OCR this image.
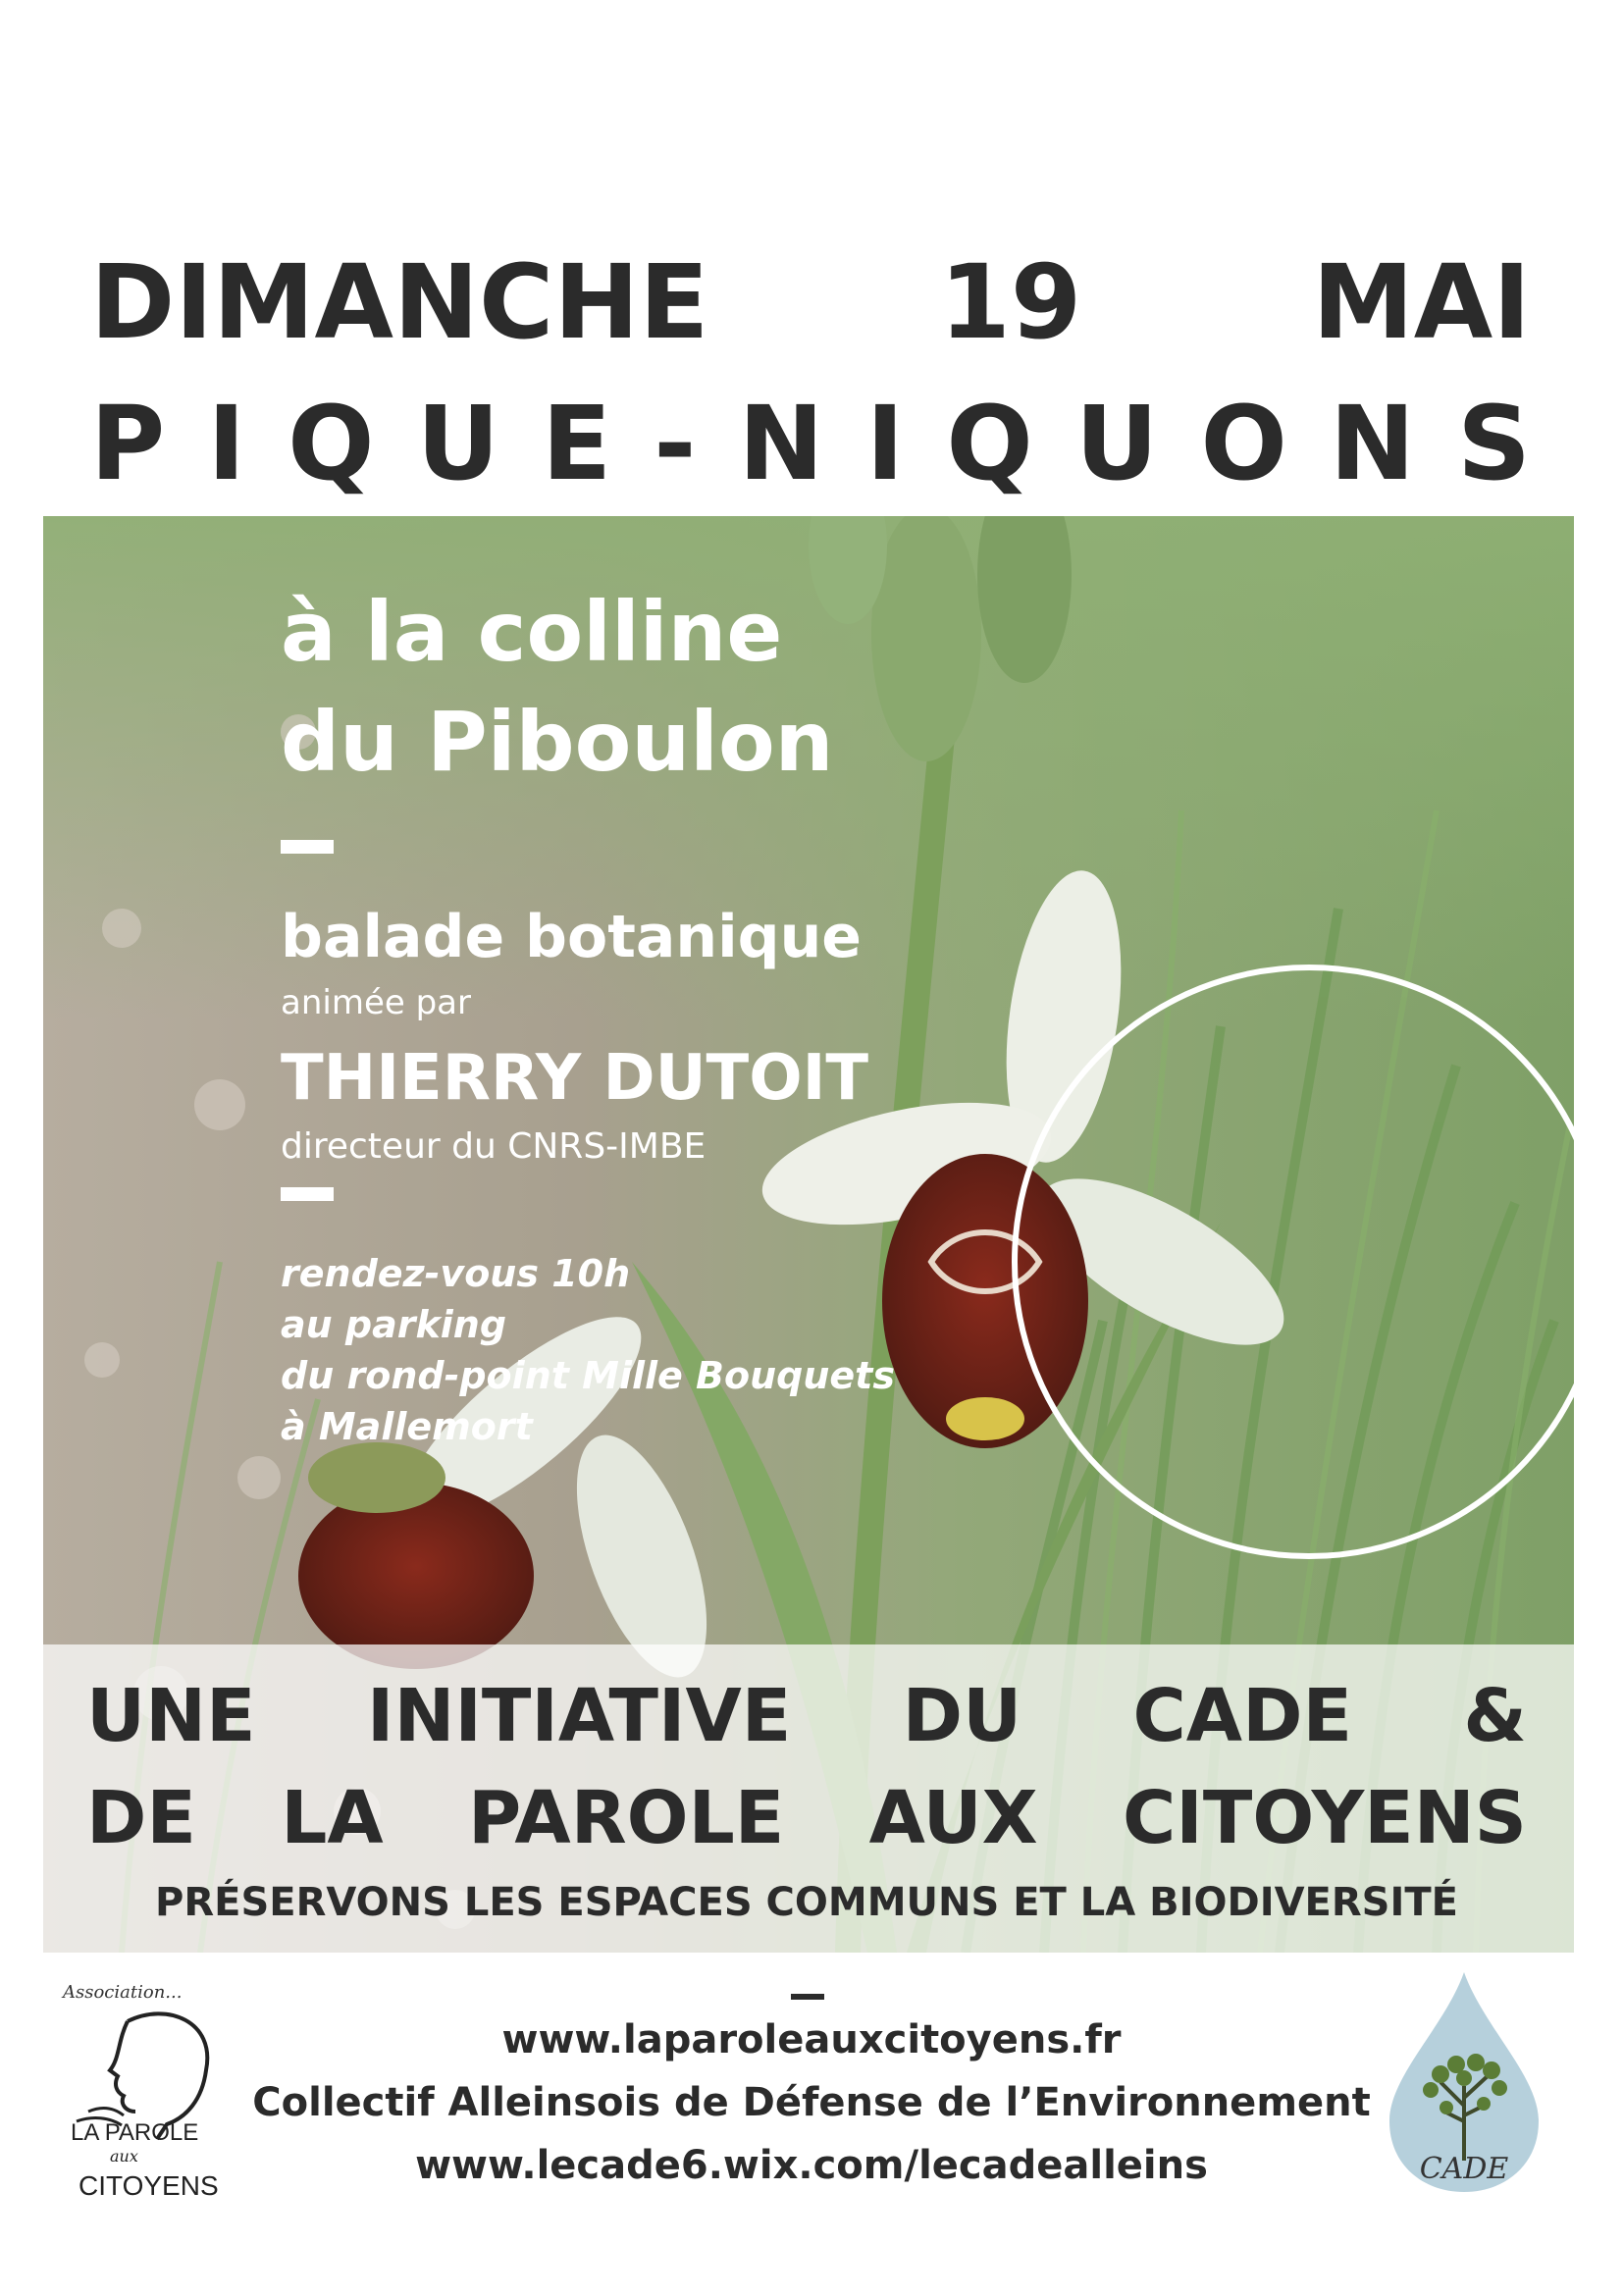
DIMANCHE 19 MAI
P I Q U E - N I Q U O N S
à la colline
du Piboulon
balade botanique
animée par
THIERRY DUTOIT
directeur du CNRS-IMBE
rendez-vous 10h
au parking
du rond-point Mille Bouquets
à Mallemort
UNE INITIATIVE DU CADE &
DE LA PAROLE AUX CITOYENS
PRÉSERVONS LES ESPACES COMMUNS ET LA BIODIVERSITÉ
www.laparoleauxcitoyens.fr
Collectif Alleinsois de Défense de l’Environnement
www.lecade6.wix.com/lecadealleins
Association...
LA PAROLE
aux
CITOYENS	CADE
